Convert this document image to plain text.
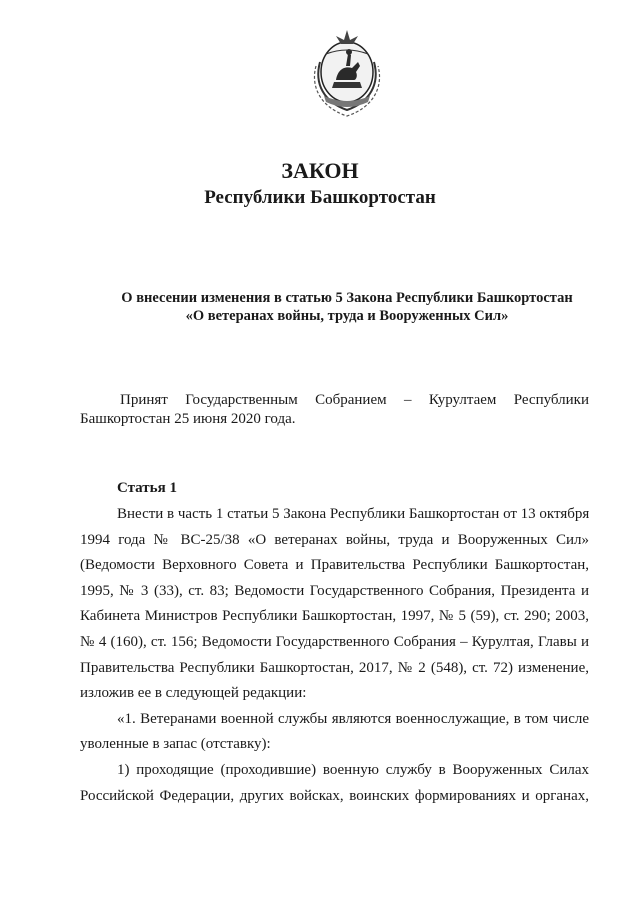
ЗАКОН
Республики Башкортостан
О внесении изменения в статью 5 Закона Республики Башкортостан
«О ветеранах войны, труда и Вооруженных Сил»
Принят Государственным Собранием – Курултаем Республики
Башкортостан 25 июня 2020 года.
Статья 1
Внести в часть 1 статьи 5 Закона Республики Башкортостан от 13 октября
1994 года № ВС-25/38 «О ветеранах войны, труда и Вооруженных Сил»
(Ведомости Верховного Совета и Правительства Республики Башкортостан,
1995, № 3 (33), ст. 83; Ведомости Государственного Собрания, Президента и
Кабинета Министров Республики Башкортостан, 1997, № 5 (59), ст. 290; 2003,
№ 4 (160), ст. 156; Ведомости Государственного Собрания – Курултая, Главы и
Правительства Республики Башкортостан, 2017, № 2 (548), ст. 72) изменение,
изложив ее в следующей редакции:
«1. Ветеранами военной службы являются военнослужащие, в том числе
уволенные в запас (отставку):
1) проходящие (проходившие) военную службу в Вооруженных Силах
Российской Федерации, других войсках, воинских формированиях и органах,
